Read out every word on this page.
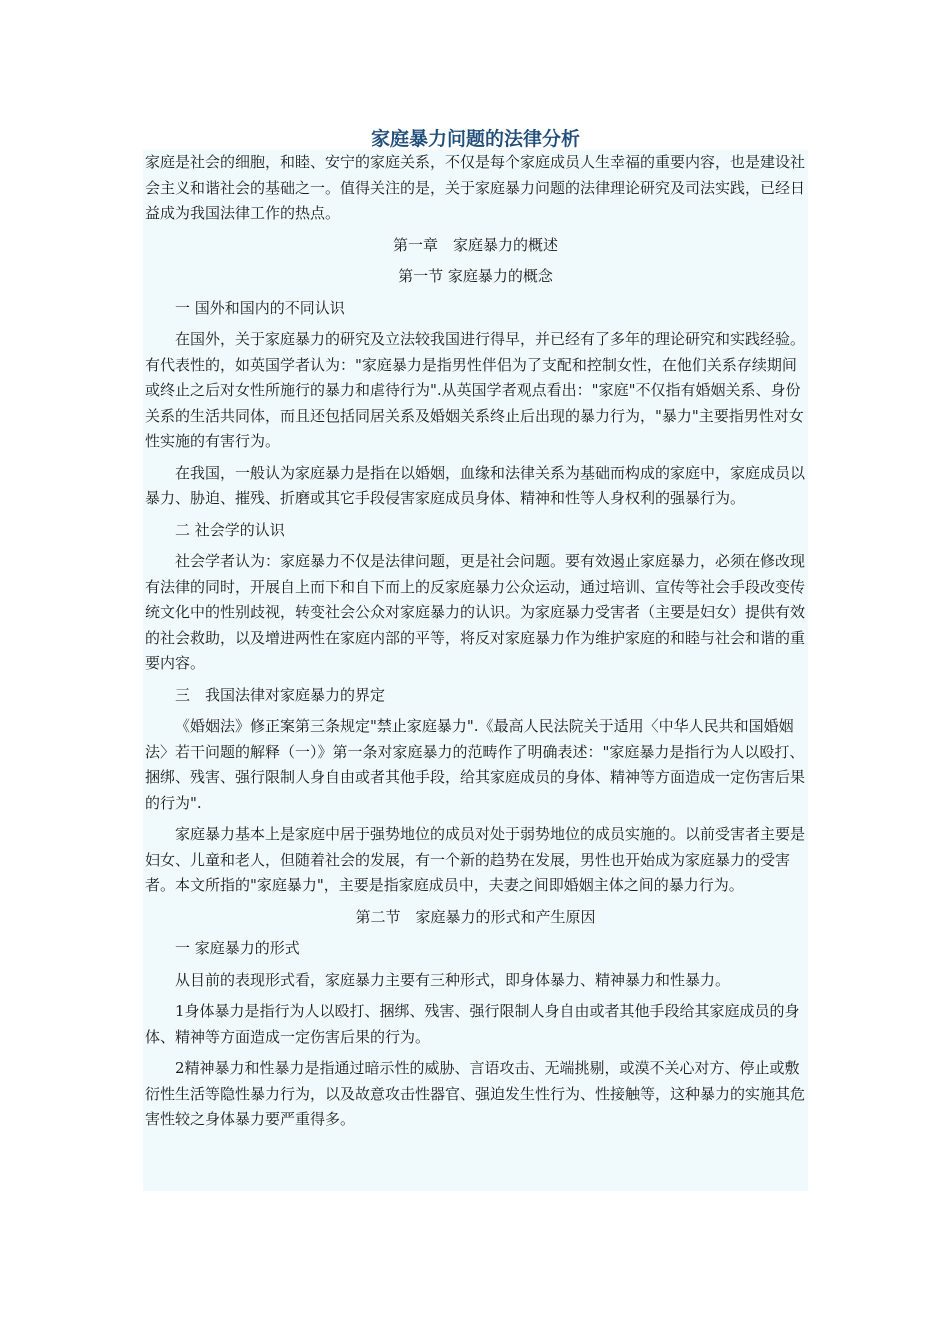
家庭暴力问题的法律分析

家庭是社会的细胞，和睦、安宁的家庭关系，不仅是每个家庭成员人生幸福的重要内容，也是建设社会主义和谐社会的基础之一。值得关注的是，关于家庭暴力问题的法律理论研究及司法实践，已经日益成为我国法律工作的热点。

第一章　家庭暴力的概述

第一节 家庭暴力的概念

一 国外和国内的不同认识

在国外，关于家庭暴力的研究及立法较我国进行得早，并已经有了多年的理论研究和实践经验。有代表性的，如英国学者认为："家庭暴力是指男性伴侣为了支配和控制女性，在他们关系存续期间或终止之后对女性所施行的暴力和虐待行为".从英国学者观点看出："家庭"不仅指有婚姻关系、身份关系的生活共同体，而且还包括同居关系及婚姻关系终止后出现的暴力行为，"暴力"主要指男性对女性实施的有害行为。

在我国，一般认为家庭暴力是指在以婚姻，血缘和法律关系为基础而构成的家庭中，家庭成员以暴力、胁迫、摧残、折磨或其它手段侵害家庭成员身体、精神和性等人身权利的强暴行为。

二 社会学的认识

社会学者认为：家庭暴力不仅是法律问题，更是社会问题。要有效遏止家庭暴力，必须在修改现有法律的同时，开展自上而下和自下而上的反家庭暴力公众运动，通过培训、宣传等社会手段改变传统文化中的性别歧视，转变社会公众对家庭暴力的认识。为家庭暴力受害者（主要是妇女）提供有效的社会救助，以及增进两性在家庭内部的平等，将反对家庭暴力作为维护家庭的和睦与社会和谐的重要内容。

三　我国法律对家庭暴力的界定

《婚姻法》修正案第三条规定"禁止家庭暴力".《最高人民法院关于适用〈中华人民共和国婚姻法〉若干问题的解释（一）》第一条对家庭暴力的范畴作了明确表述："家庭暴力是指行为人以殴打、捆绑、残害、强行限制人身自由或者其他手段，给其家庭成员的身体、精神等方面造成一定伤害后果的行为".

家庭暴力基本上是家庭中居于强势地位的成员对处于弱势地位的成员实施的。以前受害者主要是妇女、儿童和老人，但随着社会的发展，有一个新的趋势在发展，男性也开始成为家庭暴力的受害者。本文所指的"家庭暴力"，主要是指家庭成员中，夫妻之间即婚姻主体之间的暴力行为。

第二节　家庭暴力的形式和产生原因

一 家庭暴力的形式

从目前的表现形式看，家庭暴力主要有三种形式，即身体暴力、精神暴力和性暴力。

1身体暴力是指行为人以殴打、捆绑、残害、强行限制人身自由或者其他手段给其家庭成员的身体、精神等方面造成一定伤害后果的行为。

2精神暴力和性暴力是指通过暗示性的威胁、言语攻击、无端挑剔，或漠不关心对方、停止或敷衍性生活等隐性暴力行为，以及故意攻击性器官、强迫发生性行为、性接触等，这种暴力的实施其危害性较之身体暴力要严重得多。
